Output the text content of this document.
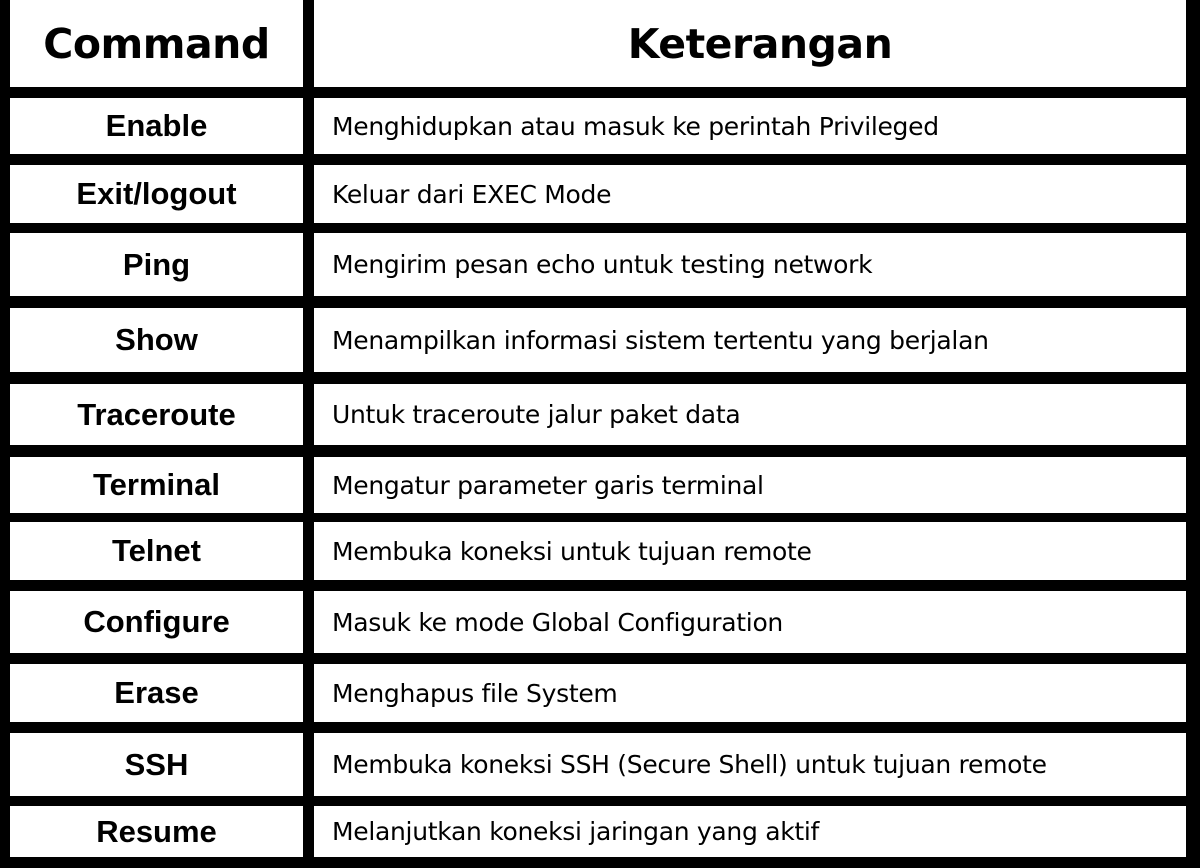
Command	Keterangan
Enable	Menghidupkan atau masuk ke perintah Privileged
Exit/logout	Keluar dari EXEC Mode
Ping	Mengirim pesan echo untuk testing network
Show	Menampilkan informasi sistem tertentu yang berjalan
Traceroute	Untuk traceroute jalur paket data
Terminal	Mengatur parameter garis terminal
Telnet	Membuka koneksi untuk tujuan remote
Configure	Masuk ke mode Global Configuration
Erase	Menghapus file System
SSH	Membuka koneksi SSH (Secure Shell) untuk tujuan remote
Resume	Melanjutkan koneksi jaringan yang aktif
